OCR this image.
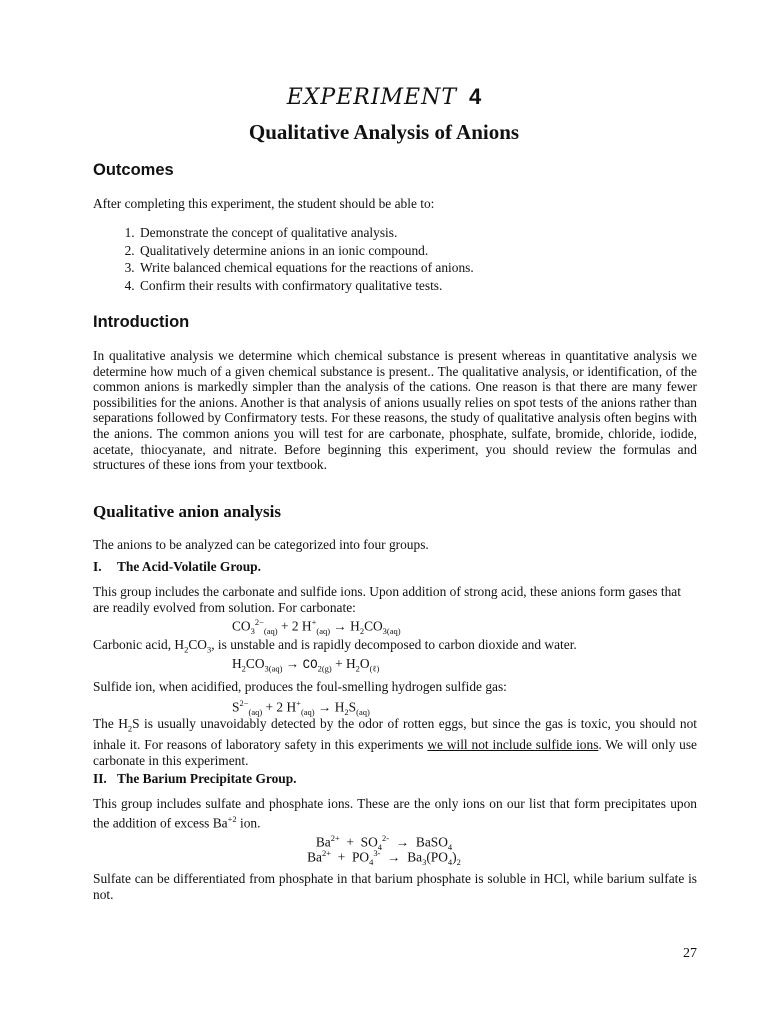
EXPERIMENT 4
Qualitative Analysis of Anions
Outcomes
After completing this experiment, the student should be able to:
1. Demonstrate the concept of qualitative analysis.
2. Qualitatively determine anions in an ionic compound.
3. Write balanced chemical equations for the reactions of anions.
4. Confirm their results with confirmatory qualitative tests.
Introduction
In qualitative analysis we determine which chemical substance is present whereas in quantitative analysis we determine how much of a given chemical substance is present.. The qualitative analysis, or identification, of the common anions is markedly simpler than the analysis of the cations. One reason is that there are many fewer possibilities for the anions. Another is that analysis of anions usually relies on spot tests of the anions rather than separations followed by Confirmatory tests. For these reasons, the study of qualitative analysis often begins with the anions. The common anions you will test for are carbonate, phosphate, sulfate, bromide, chloride, iodide, acetate, thiocyanate, and nitrate. Before beginning this experiment, you should review the formulas and structures of these ions from your textbook.
Qualitative anion analysis
The anions to be analyzed can be categorized into four groups.
I. The Acid-Volatile Group.
This group includes the carbonate and sulfide ions. Upon addition of strong acid, these anions form gases that are readily evolved from solution. For carbonate:
$CO_3^{2-}_{(aq)} + 2$ $H^+_{(aq)} \to H_2CO_{3(aq)}$
Carbonic acid, $H_2CO_3$, is unstable and is rapidly decomposed to carbon dioxide and water.
$H_2CO_{3(aq)} \to CO_{2(g)} + H_2O_{(\ell)}$
Sulfide ion, when acidified, produces the foul-smelling hydrogen sulfide gas:
$S^{2-}_{(aq)} + 2$ $H^+_{(aq)} \to H_2S_{(aq)}$
The $H_2S$ is usually unavoidably detected by the odor of rotten eggs, but since the gas is toxic, you should not inhale it. For reasons of laboratory safety in this experiments we will not include sulfide ions. We will only use carbonate in this experiment.
II. The Barium Precipitate Group.
This group includes sulfate and phosphate ions. These are the only ions on our list that form precipitates upon the addition of excess $Ba^{+2}$ ion.
$Ba^{2+} + SO_4^{2-}$  →  BaSO$_4$
$Ba^{2+} + PO_4^{3-} \to Ba_3(PO_4)_2$
Sulfate can be differentiated from phosphate in that barium phosphate is soluble in HCl, while barium sulfate is not.
27
